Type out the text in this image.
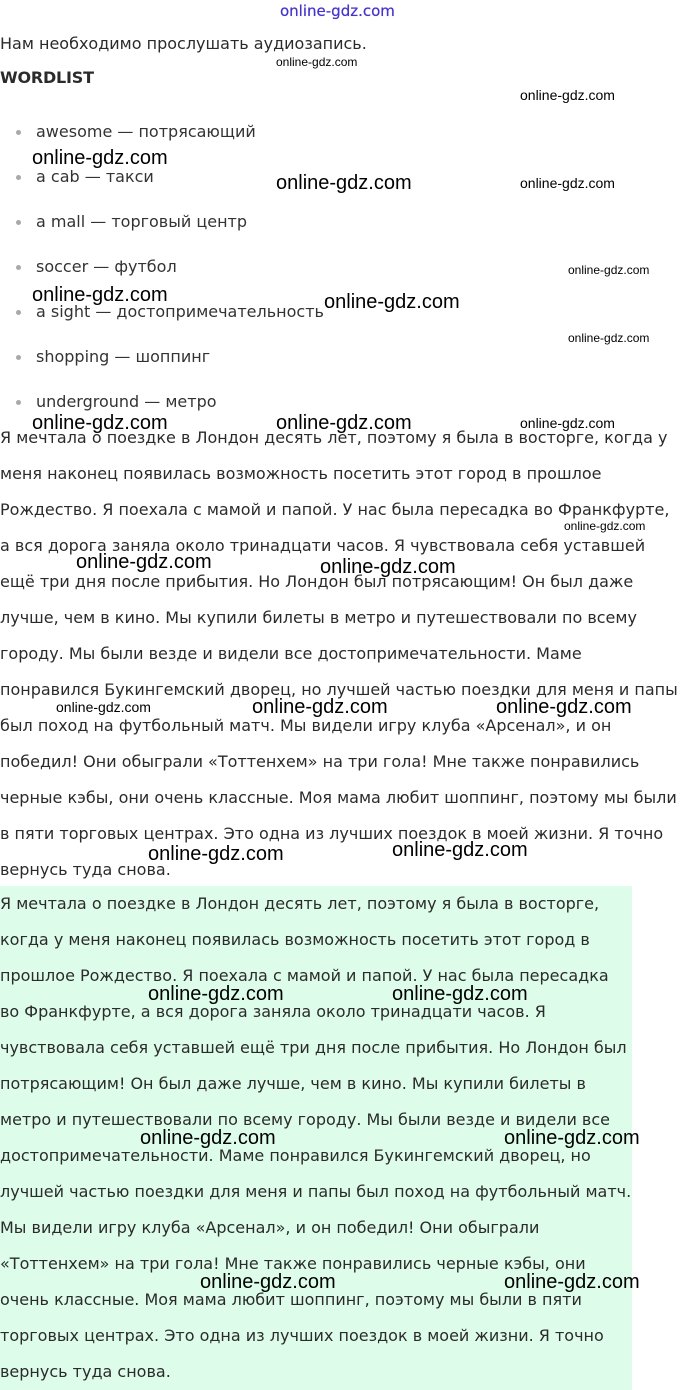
online-gdz.com
Нам необходимо прослушать аудиозапись.
WORDLIST
awesome — потрясающий
a cab — такси
a mall — торговый центр
soccer — футбол
a sight — достопримечательность
shopping — шоппинг
underground — метро

Я мечтала о поездке в Лондон десять лет, поэтому я была в восторге, когда у меня наконец появилась возможность посетить этот город в прошлое Рождество. Я поехала с мамой и папой. У нас была пересадка во Франкфурте, а вся дорога заняла около тринадцати часов. Я чувствовала себя уставшей ещё три дня после прибытия. Но Лондон был потрясающим! Он был даже лучше, чем в кино. Мы купили билеты в метро и путешествовали по всему городу. Мы были везде и видели все достопримечательности. Маме понравился Букингемский дворец, но лучшей частью поездки для меня и папы был поход на футбольный матч. Мы видели игру клуба «Арсенал», и он победил! Они обыграли «Тоттенхем» на три гола! Мне также понравились черные кэбы, они очень классные. Моя мама любит шоппинг, поэтому мы были в пяти торговых центрах. Это одна из лучших поездок в моей жизни. Я точно вернусь туда снова.

Я мечтала о поездке в Лондон десять лет, поэтому я была в восторге, когда у меня наконец появилась возможность посетить этот город в прошлое Рождество. Я поехала с мамой и папой. У нас была пересадка во Франкфурте, а вся дорога заняла около тринадцати часов. Я чувствовала себя уставшей ещё три дня после прибытия. Но Лондон был потрясающим! Он был даже лучше, чем в кино. Мы купили билеты в метро и путешествовали по всему городу. Мы были везде и видели все достопримечательности. Маме понравился Букингемский дворец, но лучшей частью поездки для меня и папы был поход на футбольный матч. Мы видели игру клуба «Арсенал», и он победил! Они обыграли «Тоттенхем» на три гола! Мне также понравились черные кэбы, они очень классные. Моя мама любит шоппинг, поэтому мы были в пяти торговых центрах. Это одна из лучших поездок в моей жизни. Я точно вернусь туда снова.
online-gdz.com
online-gdz.com
online-gdz.com
online-gdz.com	online-gdz.com
online-gdz.com
online-gdz.com	online-gdz.com
online-gdz.com
online-gdz.com	online-gdz.com	online-gdz.com
online-gdz.com
online-gdz.com	online-gdz.com
online-gdz.com	online-gdz.com	online-gdz.com
online-gdz.com	online-gdz.com
online-gdz.com	online-gdz.com
online-gdz.com	online-gdz.com
online-gdz.com	online-gdz.com
